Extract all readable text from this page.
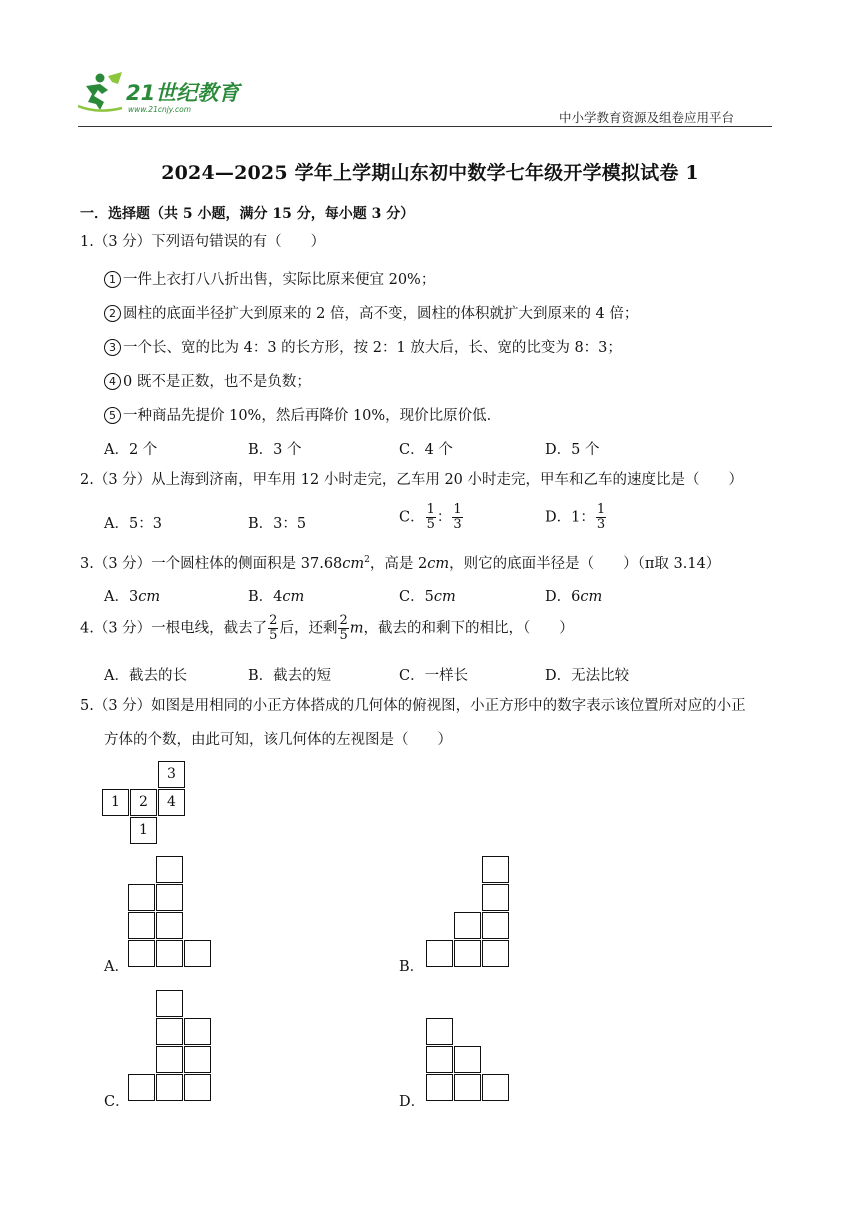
21世纪教育
www.21cnjy.com
中小学教育资源及组卷应用平台
2024—2025 学年上学期山东初中数学七年级开学模拟试卷 1
一．选择题（共 5 小题，满分 15 分，每小题 3 分）
1.（3 分）下列语句错误的有（　　）
1 一件上衣打八八折出售，实际比原来便宜 20%；
2 圆柱的底面半径扩大到原来的 2 倍，高不变，圆柱的体积就扩大到原来的 4 倍；
3 一个长、宽的比为 4：3 的长方形，按 2：1 放大后，长、宽的比变为 8：3；
4 0 既不是正数，也不是负数；
5 一种商品先提价 10%，然后再降价 10%，现价比原价低．
A．2 个	B．3 个	C．4 个	D．5 个
2.（3 分）从上海到济南，甲车用 12 小时走完，乙车用 20 小时走完，甲车和乙车的速度比是（　　）
A．5：3	B．3：5	C． $\frac{1}{5}$ ： $\frac{1}{3}$	D．1： $\frac{1}{3}$
3.（3 分）一个圆柱体的侧面积是 $37.68cm^2$，高是 2cm，则它的底面半径是（　　）（π取 3.14）
A．3cm	B．4cm	C．5cm	D．6cm
4.（3 分）一根电线，截去了 $\frac{2}{5}$ 后，还剩 $\frac{2}{5}$ m，截去的和剩下的相比，（　　）
A．截去的长	B．截去的短	C．一样长	D．无法比较
5.（3 分）如图是用相同的小正方体搭成的几何体的俯视图，小正方形中的数字表示该位置所对应的小正
方体的个数，由此可知，该几何体的左视图是（　　）
3
1	2	4
1
A．	B．
C．	D．
